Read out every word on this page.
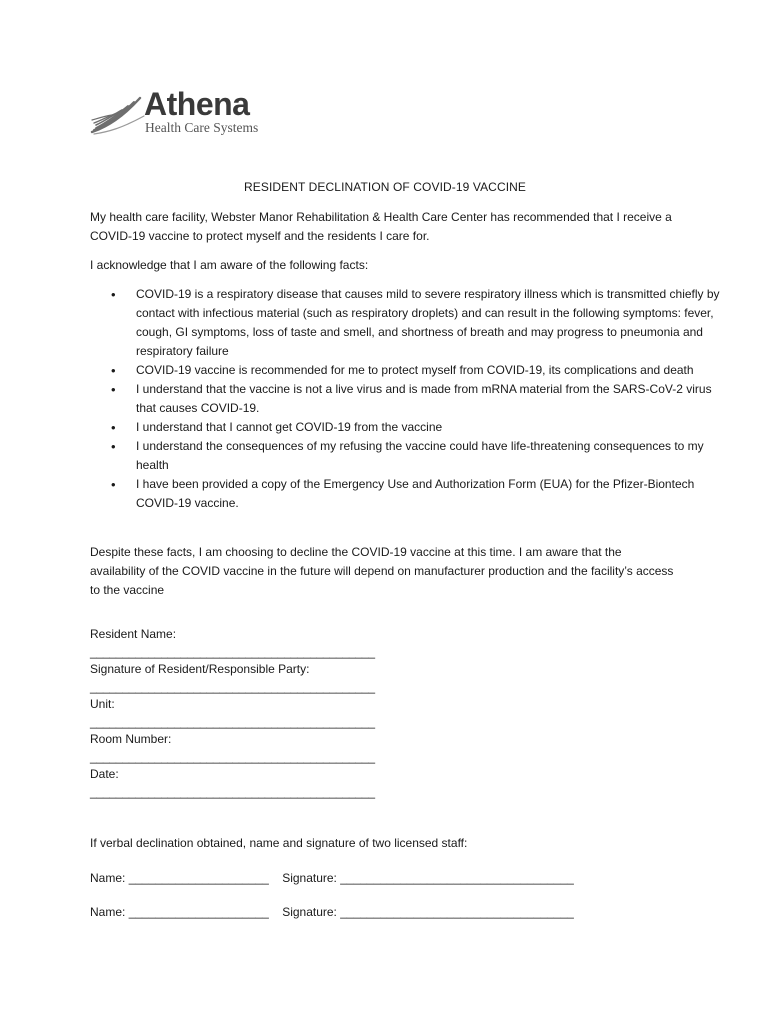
Athena
Health Care Systems
RESIDENT DECLINATION OF COVID-19 VACCINE
My health care facility, Webster Manor Rehabilitation & Health Care Center has recommended that I receive a COVID-19 vaccine to protect myself and the residents I care for.
I acknowledge that I am aware of the following facts:
• COVID-19 is a respiratory disease that causes mild to severe respiratory illness which is transmitted chiefly by contact with infectious material (such as respiratory droplets) and can result in the following symptoms: fever, cough, GI symptoms, loss of taste and smell, and shortness of breath and may progress to pneumonia and respiratory failure
• COVID-19 vaccine is recommended for me to protect myself from COVID-19, its complications and death
• I understand that the vaccine is not a live virus and is made from mRNA material from the SARS-CoV-2 virus that causes COVID-19.
• I understand that I cannot get COVID-19 from the vaccine
• I understand the consequences of my refusing the vaccine could have life-threatening consequences to my health
• I have been provided a copy of the Emergency Use and Authorization Form (EUA) for the Pfizer-Biontech COVID-19 vaccine.
Despite these facts, I am choosing to decline the COVID-19 vaccine at this time. I am aware that the availability of the COVID vaccine in the future will depend on manufacturer production and the facility’s access to the vaccine
Resident Name:
____________________________________________
Signature of Resident/Responsible Party:
____________________________________________
Unit:
____________________________________________
Room Number:
____________________________________________
Date:
____________________________________________
If verbal declination obtained, name and signature of two licensed staff:
Name: _____________________ Signature: ___________________________________
Name: _____________________ Signature: ___________________________________
